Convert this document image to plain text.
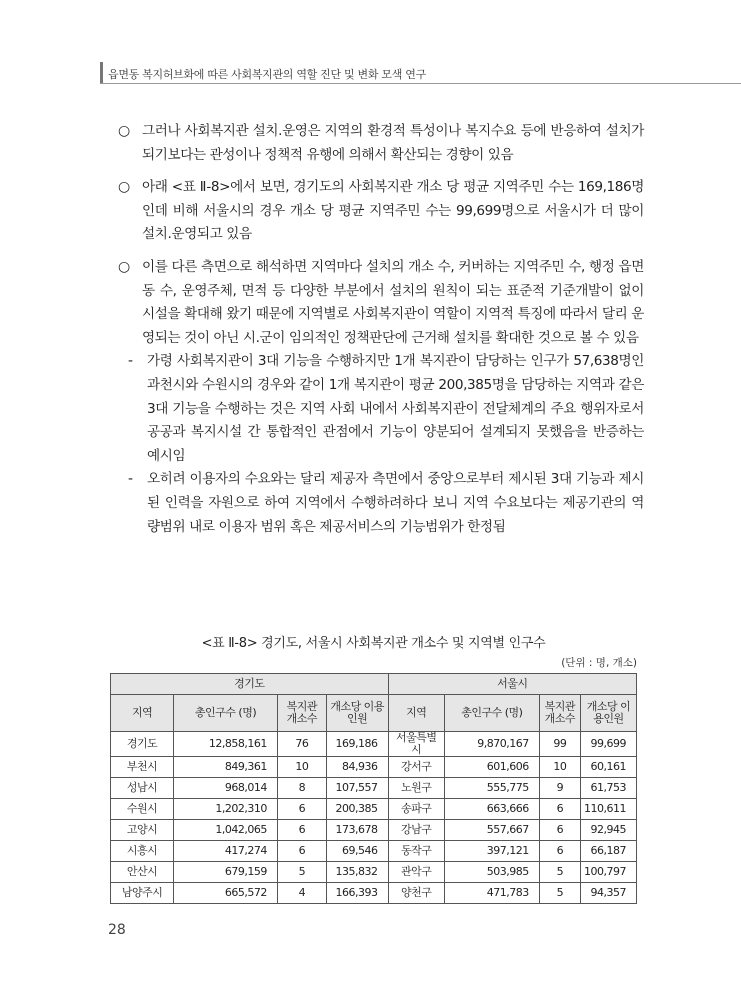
읍면동 복지허브화에 따른 사회복지관의 역할 진단 및 변화 모색 연구
○ 그러나 사회복지관 설치.운영은 지역의 환경적 특성이나 복지수요 등에 반응하여 설치가 되기보다는 관성이나 정책적 유행에 의해서 확산되는 경향이 있음
○ 아래 <표 Ⅱ-8>에서 보면, 경기도의 사회복지관 개소 당 평균 지역주민 수는 169,186명인데 비해 서울시의 경우 개소 당 평균 지역주민 수는 99,699명으로 서울시가 더 많이 설치.운영되고 있음
○ 이를 다른 측면으로 해석하면 지역마다 설치의 개소 수, 커버하는 지역주민 수, 행정 읍면동 수, 운영주체, 면적 등 다양한 부분에서 설치의 원칙이 되는 표준적 기준개발이 없이 시설을 확대해 왔기 때문에 지역별로 사회복지관이 역할이 지역적 특징에 따라서 달리 운영되는 것이 아닌 시.군이 임의적인 정책판단에 근거해 설치를 확대한 것으로 볼 수 있음
- 가령 사회복지관이 3대 기능을 수행하지만 1개 복지관이 담당하는 인구가 57,638명인 과천시와 수원시의 경우와 같이 1개 복지관이 평균 200,385명을 담당하는 지역과 같은 3대 기능을 수행하는 것은 지역 사회 내에서 사회복지관이 전달체계의 주요 행위자로서 공공과 복지시설 간 통합적인 관점에서 기능이 양분되어 설계되지 못했음을 반증하는 예시임
- 오히려 이용자의 수요와는 달리 제공자 측면에서 중앙으로부터 제시된 3대 기능과 제시된 인력을 자원으로 하여 지역에서 수행하려하다 보니 지역 수요보다는 제공기관의 역량범위 내로 이용자 범위 혹은 제공서비스의 기능범위가 한정됨
<표 Ⅱ-8> 경기도, 서울시 사회복지관 개소수 및 지역별 인구수
(단위 : 명, 개소)
경기도				서울시			
지역	총인구수 (명)	복지관 개소수	개소당 이용인원	지역	총인구수 (명)	복지관 개소수	개소당 이용인원
경기도	12,858,161	76	169,186	서울특별시	9,870,167	99	99,699
부천시	849,361	10	84,936	강서구	601,606	10	60,161
성남시	968,014	8	107,557	노원구	555,775	9	61,753
수원시	1,202,310	6	200,385	송파구	663,666	6	110,611
고양시	1,042,065	6	173,678	강남구	557,667	6	92,945
시흥시	417,274	6	69,546	동작구	397,121	6	66,187
안산시	679,159	5	135,832	관악구	503,985	5	100,797
남양주시	665,572	4	166,393	양천구	471,783	5	94,357
28
